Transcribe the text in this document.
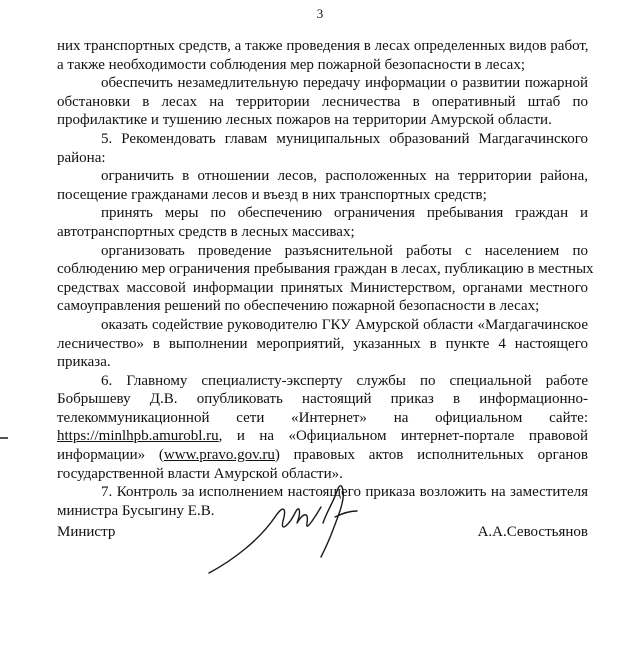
3
них транспортных средств, а также проведения в лесах определенных видов работ,
а также необходимости соблюдения мер пожарной безопасности в лесах;
обеспечить незамедлительную передачу информации о развитии пожарной
обстановки в лесах на территории лесничества в оперативный штаб по
профилактике и тушению лесных пожаров на территории Амурской области.
5. Рекомендовать главам муниципальных образований Магдагачинского
района:
ограничить в отношении лесов, расположенных на территории района,
посещение гражданами лесов и въезд в них транспортных средств;
принять меры по обеспечению ограничения пребывания граждан и
автотранспортных средств в лесных массивах;
организовать проведение разъяснительной работы с населением по
соблюдению мер ограничения пребывания граждан в лесах, публикацию в местных
средствах массовой информации принятых Министерством, органами местного
самоуправления решений по обеспечению пожарной безопасности в лесах;
оказать содействие руководителю ГКУ Амурской области «Магдагачинское
лесничество» в выполнении мероприятий, указанных в пункте 4 настоящего
приказа.
6. Главному специалисту-эксперту службы по специальной работе
Бобрышеву Д.В. опубликовать настоящий приказ в информационно-
телекоммуникационной сети «Интернет» на официальном сайте:
https://minlhpb.amurobl.ru, и на «Официальном интернет-портале правовой
информации» (www.pravo.gov.ru) правовых актов исполнительных органов
государственной власти Амурской области».
7. Контроль за исполнением настоящего приказа возложить на заместителя
министра Бусыгину Е.В.
Министр	А.А.Севостьянов
